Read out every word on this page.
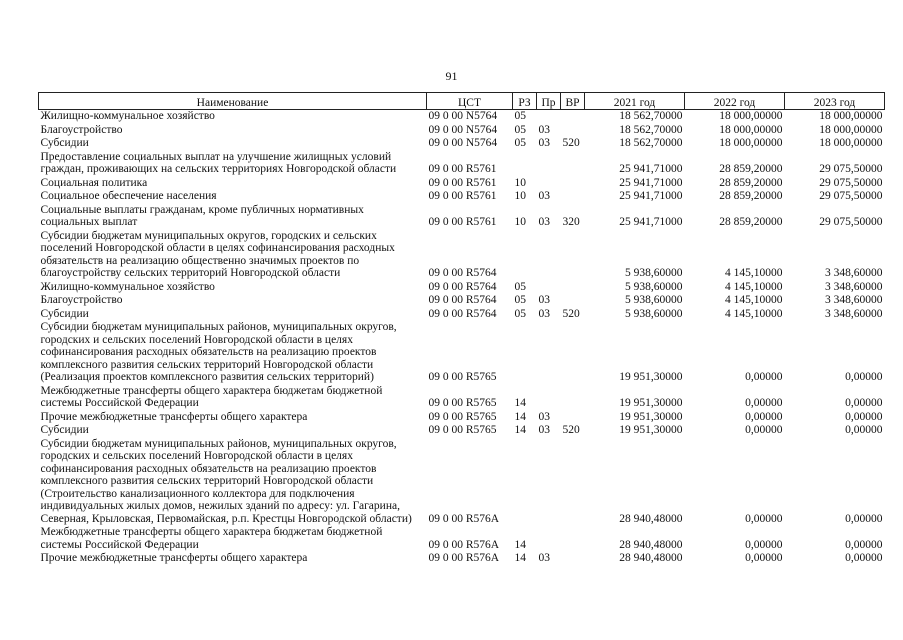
91
Наименование	ЦСТ	РЗ	Пр	ВР	2021 год	2022 год	2023 год
Жилищно-коммунальное хозяйство	09 0 00 N5764	05			18 562,70000	18 000,00000	18 000,00000
Благоустройство	09 0 00 N5764	05	03		18 562,70000	18 000,00000	18 000,00000
Субсидии	09 0 00 N5764	05	03	520	18 562,70000	18 000,00000	18 000,00000
Предоставление социальных выплат на улучшение жилищных условий граждан, проживающих на сельских территориях Новгородской области	09 0 00 R5761				25 941,71000	28 859,20000	29 075,50000
Социальная политика	09 0 00 R5761	10			25 941,71000	28 859,20000	29 075,50000
Социальное обеспечение населения	09 0 00 R5761	10	03		25 941,71000	28 859,20000	29 075,50000
Социальные выплаты гражданам, кроме публичных нормативных социальных выплат	09 0 00 R5761	10	03	320	25 941,71000	28 859,20000	29 075,50000
Субсидии бюджетам муниципальных округов, городских и сельских поселений Новгородской области в целях софинансирования расходных обязательств на реализацию общественно значимых проектов по благоустройству сельских территорий Новгородской области	09 0 00 R5764				5 938,60000	4 145,10000	3 348,60000
Жилищно-коммунальное хозяйство	09 0 00 R5764	05			5 938,60000	4 145,10000	3 348,60000
Благоустройство	09 0 00 R5764	05	03		5 938,60000	4 145,10000	3 348,60000
Субсидии	09 0 00 R5764	05	03	520	5 938,60000	4 145,10000	3 348,60000
Субсидии бюджетам муниципальных районов, муниципальных округов, городских и сельских поселений Новгородской области в целях софинансирования расходных обязательств на реализацию проектов комплексного развития сельских территорий Новгородской области (Реализация проектов комплексного развития сельских территорий)	09 0 00 R5765				19 951,30000	0,00000	0,00000
Межбюджетные трансферты общего характера бюджетам бюджетной системы Российской Федерации	09 0 00 R5765	14			19 951,30000	0,00000	0,00000
Прочие межбюджетные трансферты общего характера	09 0 00 R5765	14	03		19 951,30000	0,00000	0,00000
Субсидии	09 0 00 R5765	14	03	520	19 951,30000	0,00000	0,00000
Субсидии бюджетам муниципальных районов, муниципальных округов, городских и сельских поселений Новгородской области в целях софинансирования расходных обязательств на реализацию проектов комплексного развития сельских территорий Новгородской области (Строительство канализационного коллектора для подключения индивидуальных жилых домов, нежилых зданий по адресу: ул. Гагарина, Северная, Крыловская, Первомайская, р.п. Крестцы Новгородской области)	09 0 00 R576A				28 940,48000	0,00000	0,00000
Межбюджетные трансферты общего характера бюджетам бюджетной системы Российской Федерации	09 0 00 R576A	14			28 940,48000	0,00000	0,00000
Прочие межбюджетные трансферты общего характера	09 0 00 R576A	14	03		28 940,48000	0,00000	0,00000
